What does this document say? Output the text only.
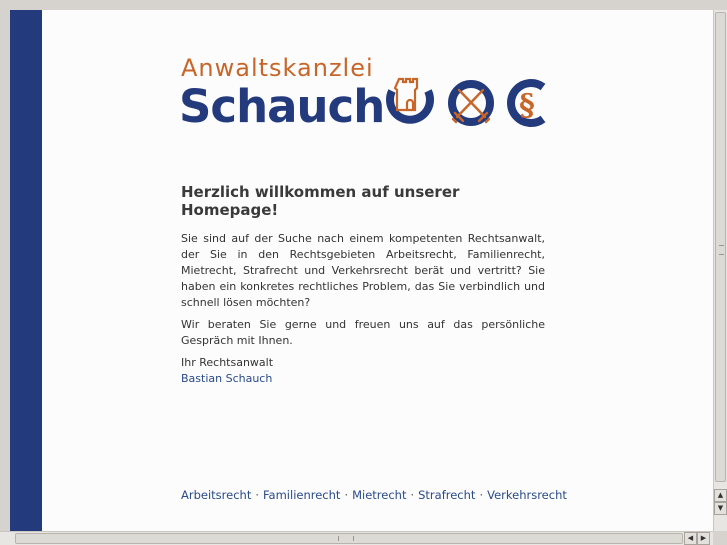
Anwaltskanzlei
Schauch	§
Herzlich willkommen auf unserer Homepage!

Sie sind auf der Suche nach einem kompetenten Rechtsanwalt, der Sie in den Rechtsgebieten Arbeitsrecht, Familienrecht, Mietrecht, Strafrecht und Verkehrsrecht berät und vertritt? Sie haben ein konkretes rechtliches Problem, das Sie verbindlich und schnell lösen möchten?

Wir beraten Sie gerne und freuen uns auf das persönliche Gespräch mit Ihnen.

Ihr Rechtsanwalt
Bastian Schauch
Arbeitsrecht · Familienrecht · Mietrecht · Strafrecht · Verkehrsrecht	▲
▼
◀	▶
